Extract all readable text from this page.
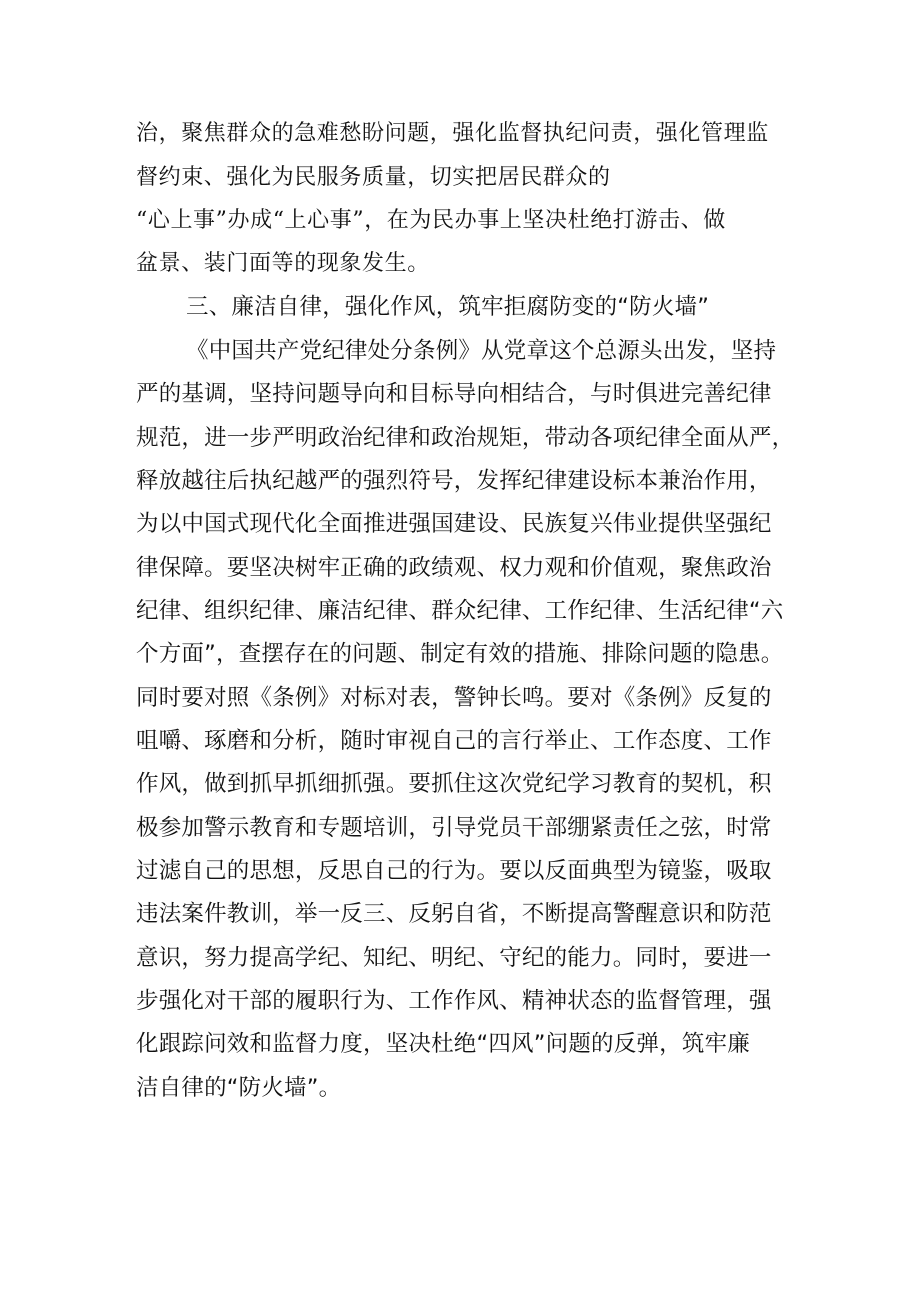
治，聚焦群众的急难愁盼问题，强化监督执纪问责，强化管理监
督约束、强化为民服务质量，切实把居民群众的
“心上事”办成“上心事”，在为民办事上坚决杜绝打游击、做
盆景、装门面等的现象发生。
三、廉洁自律，强化作风，筑牢拒腐防变的“防火墙”
《中国共产党纪律处分条例》从党章这个总源头出发，坚持
严的基调，坚持问题导向和目标导向相结合，与时俱进完善纪律
规范，进一步严明政治纪律和政治规矩，带动各项纪律全面从严，
释放越往后执纪越严的强烈符号，发挥纪律建设标本兼治作用，
为以中国式现代化全面推进强国建设、民族复兴伟业提供坚强纪
律保障。要坚决树牢正确的政绩观、权力观和价值观，聚焦政治
纪律、组织纪律、廉洁纪律、群众纪律、工作纪律、生活纪律“六
个方面”，查摆存在的问题、制定有效的措施、排除问题的隐患。
同时要对照《条例》对标对表，警钟长鸣。要对《条例》反复的
咀嚼、琢磨和分析，随时审视自己的言行举止、工作态度、工作
作风，做到抓早抓细抓强。要抓住这次党纪学习教育的契机，积
极参加警示教育和专题培训，引导党员干部绷紧责任之弦，时常
过滤自己的思想，反思自己的行为。要以反面典型为镜鉴，吸取
违法案件教训，举一反三、反躬自省，不断提高警醒意识和防范
意识，努力提高学纪、知纪、明纪、守纪的能力。同时，要进一
步强化对干部的履职行为、工作作风、精神状态的监督管理，强
化跟踪问效和监督力度，坚决杜绝“四风”问题的反弹，筑牢廉
洁自律的“防火墙”。
